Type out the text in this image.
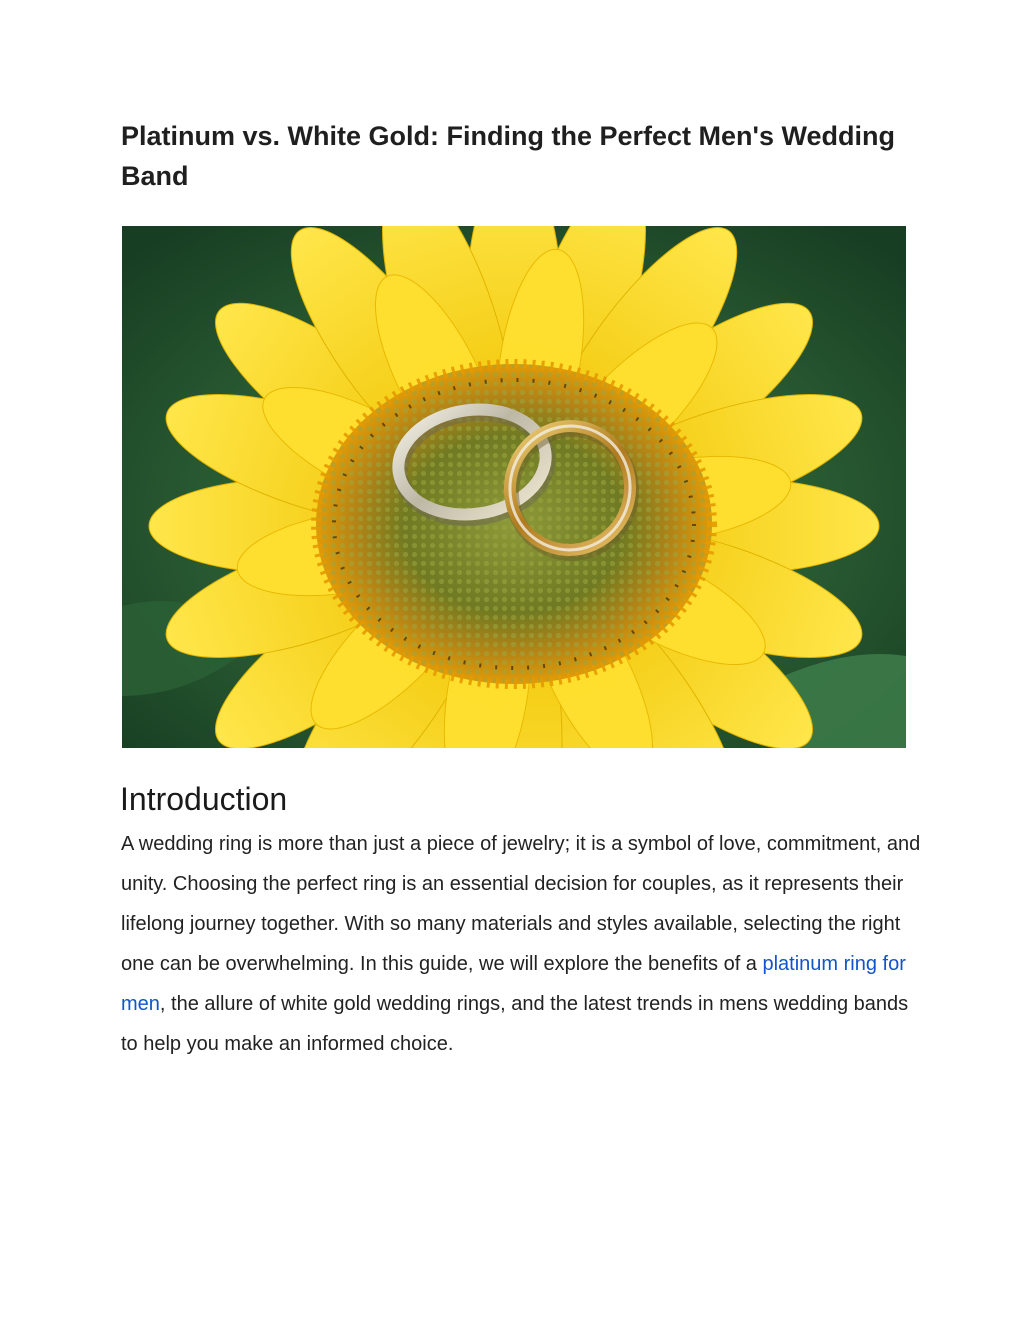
Platinum vs. White Gold: Finding the Perfect Men's Wedding Band
Introduction

A wedding ring is more than just a piece of jewelry; it is a symbol of love, commitment, and unity. Choosing the perfect ring is an essential decision for couples, as it represents their lifelong journey together. With so many materials and styles available, selecting the right one can be overwhelming. In this guide, we will explore the benefits of a platinum ring for men, the allure of white gold wedding rings, and the latest trends in mens wedding bands to help you make an informed choice.
